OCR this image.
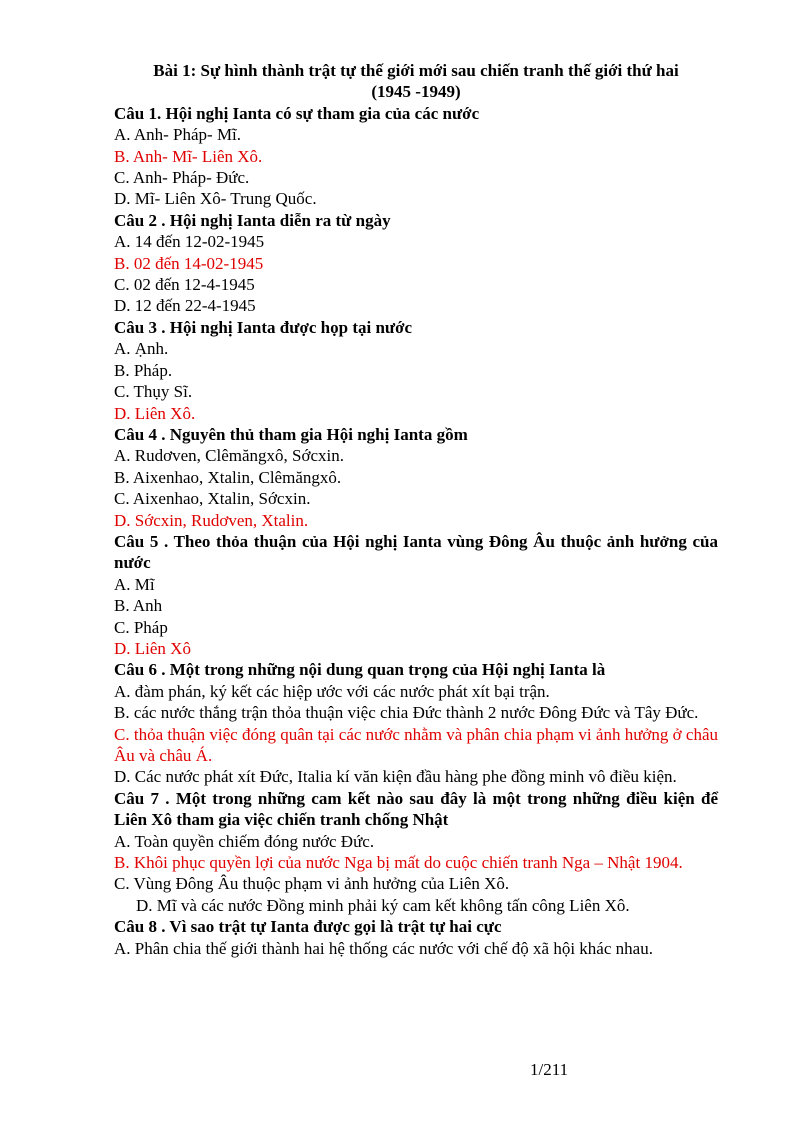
Bài 1: Sự hình thành trật tự thế giới mới sau chiến tranh thế giới thứ hai

(1945 -1949)

Câu 1. Hội nghị Ianta có sự tham gia của các nước

A. Anh- Pháp- Mĩ.

B. Anh- Mĩ- Liên Xô.

C. Anh- Pháp- Đức.

D. Mĩ- Liên Xô- Trung Quốc.

Câu 2 . Hội nghị Ianta diễn ra từ ngày

A. 14 đến 12-02-1945

B. 02 đến 14-02-1945

C. 02 đến 12-4-1945

D. 12 đến 22-4-1945

Câu 3 . Hội nghị Ianta được họp tại nước

A. Ạnh.

B. Pháp.

C. Thụy Sĩ.

D. Liên Xô.

Câu 4 . Nguyên thủ tham gia Hội nghị Ianta gồm

A. Rudơven, Clêmăngxô, Sớcxin.

B. Aixenhao, Xtalin, Clêmăngxô.

C. Aixenhao, Xtalin, Sớcxin.

D. Sớcxin, Rudơven, Xtalin.

Câu 5 . Theo thỏa thuận của Hội nghị Ianta vùng Đông Âu thuộc ảnh hưởng của nước

A. Mĩ

B. Anh

C. Pháp

D. Liên Xô

Câu 6 . Một trong những nội dung quan trọng của Hội nghị Ianta là

A. đàm phán, ký kết các hiệp ước với các nước phát xít bại trận.

B. các nước thắng trận thỏa thuận việc chia Đức thành 2 nước Đông Đức và Tây Đức.

C. thỏa thuận việc đóng quân tại các nước nhằm và phân chia phạm vi ảnh hưởng ở châu Âu và châu Á.

D. Các nước phát xít Đức, Italia kí văn kiện đầu hàng phe đồng minh vô điều kiện.

Câu 7 . Một trong những cam kết nào sau đây là một trong những điều kiện để Liên Xô tham gia việc chiến tranh chống Nhật

A. Toàn quyền chiếm đóng nước Đức.

B. Khôi phục quyền lợi của nước Nga bị mất do cuộc chiến tranh Nga – Nhật 1904.

C. Vùng Đông Âu thuộc phạm vi ảnh hưởng của Liên Xô.

D. Mĩ và các nước Đồng minh phải ký cam kết không tấn công Liên Xô.

Câu 8 . Vì sao trật tự Ianta được gọi là trật tự hai cực

A. Phân chia thế giới thành hai hệ thống các nước với chế độ xã hội khác nhau.

1/211
